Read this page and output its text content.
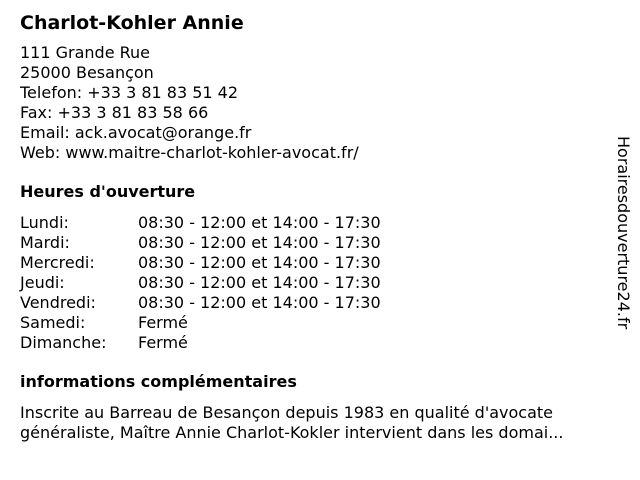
Charlot-Kohler Annie
111 Grande Rue
25000 Besançon
Telefon: +33 3 81 83 51 42
Fax: +33 3 81 83 58 66
Email: ack.avocat@orange.fr
Web: www.maitre-charlot-kohler-avocat.fr/
Heures d'ouverture
Lundi:	08:30 - 12:00 et 14:00 - 17:30
Mardi:	08:30 - 12:00 et 14:00 - 17:30
Mercredi:	08:30 - 12:00 et 14:00 - 17:30
Jeudi:	08:30 - 12:00 et 14:00 - 17:30
Vendredi:	08:30 - 12:00 et 14:00 - 17:30
Samedi:	Fermé
Dimanche:	Fermé
informations complémentaires
Inscrite au Barreau de Besançon depuis 1983 en qualité d'avocate généraliste, Maître Annie Charlot-Kokler intervient dans les domai...
Horairesdouverture24.fr
